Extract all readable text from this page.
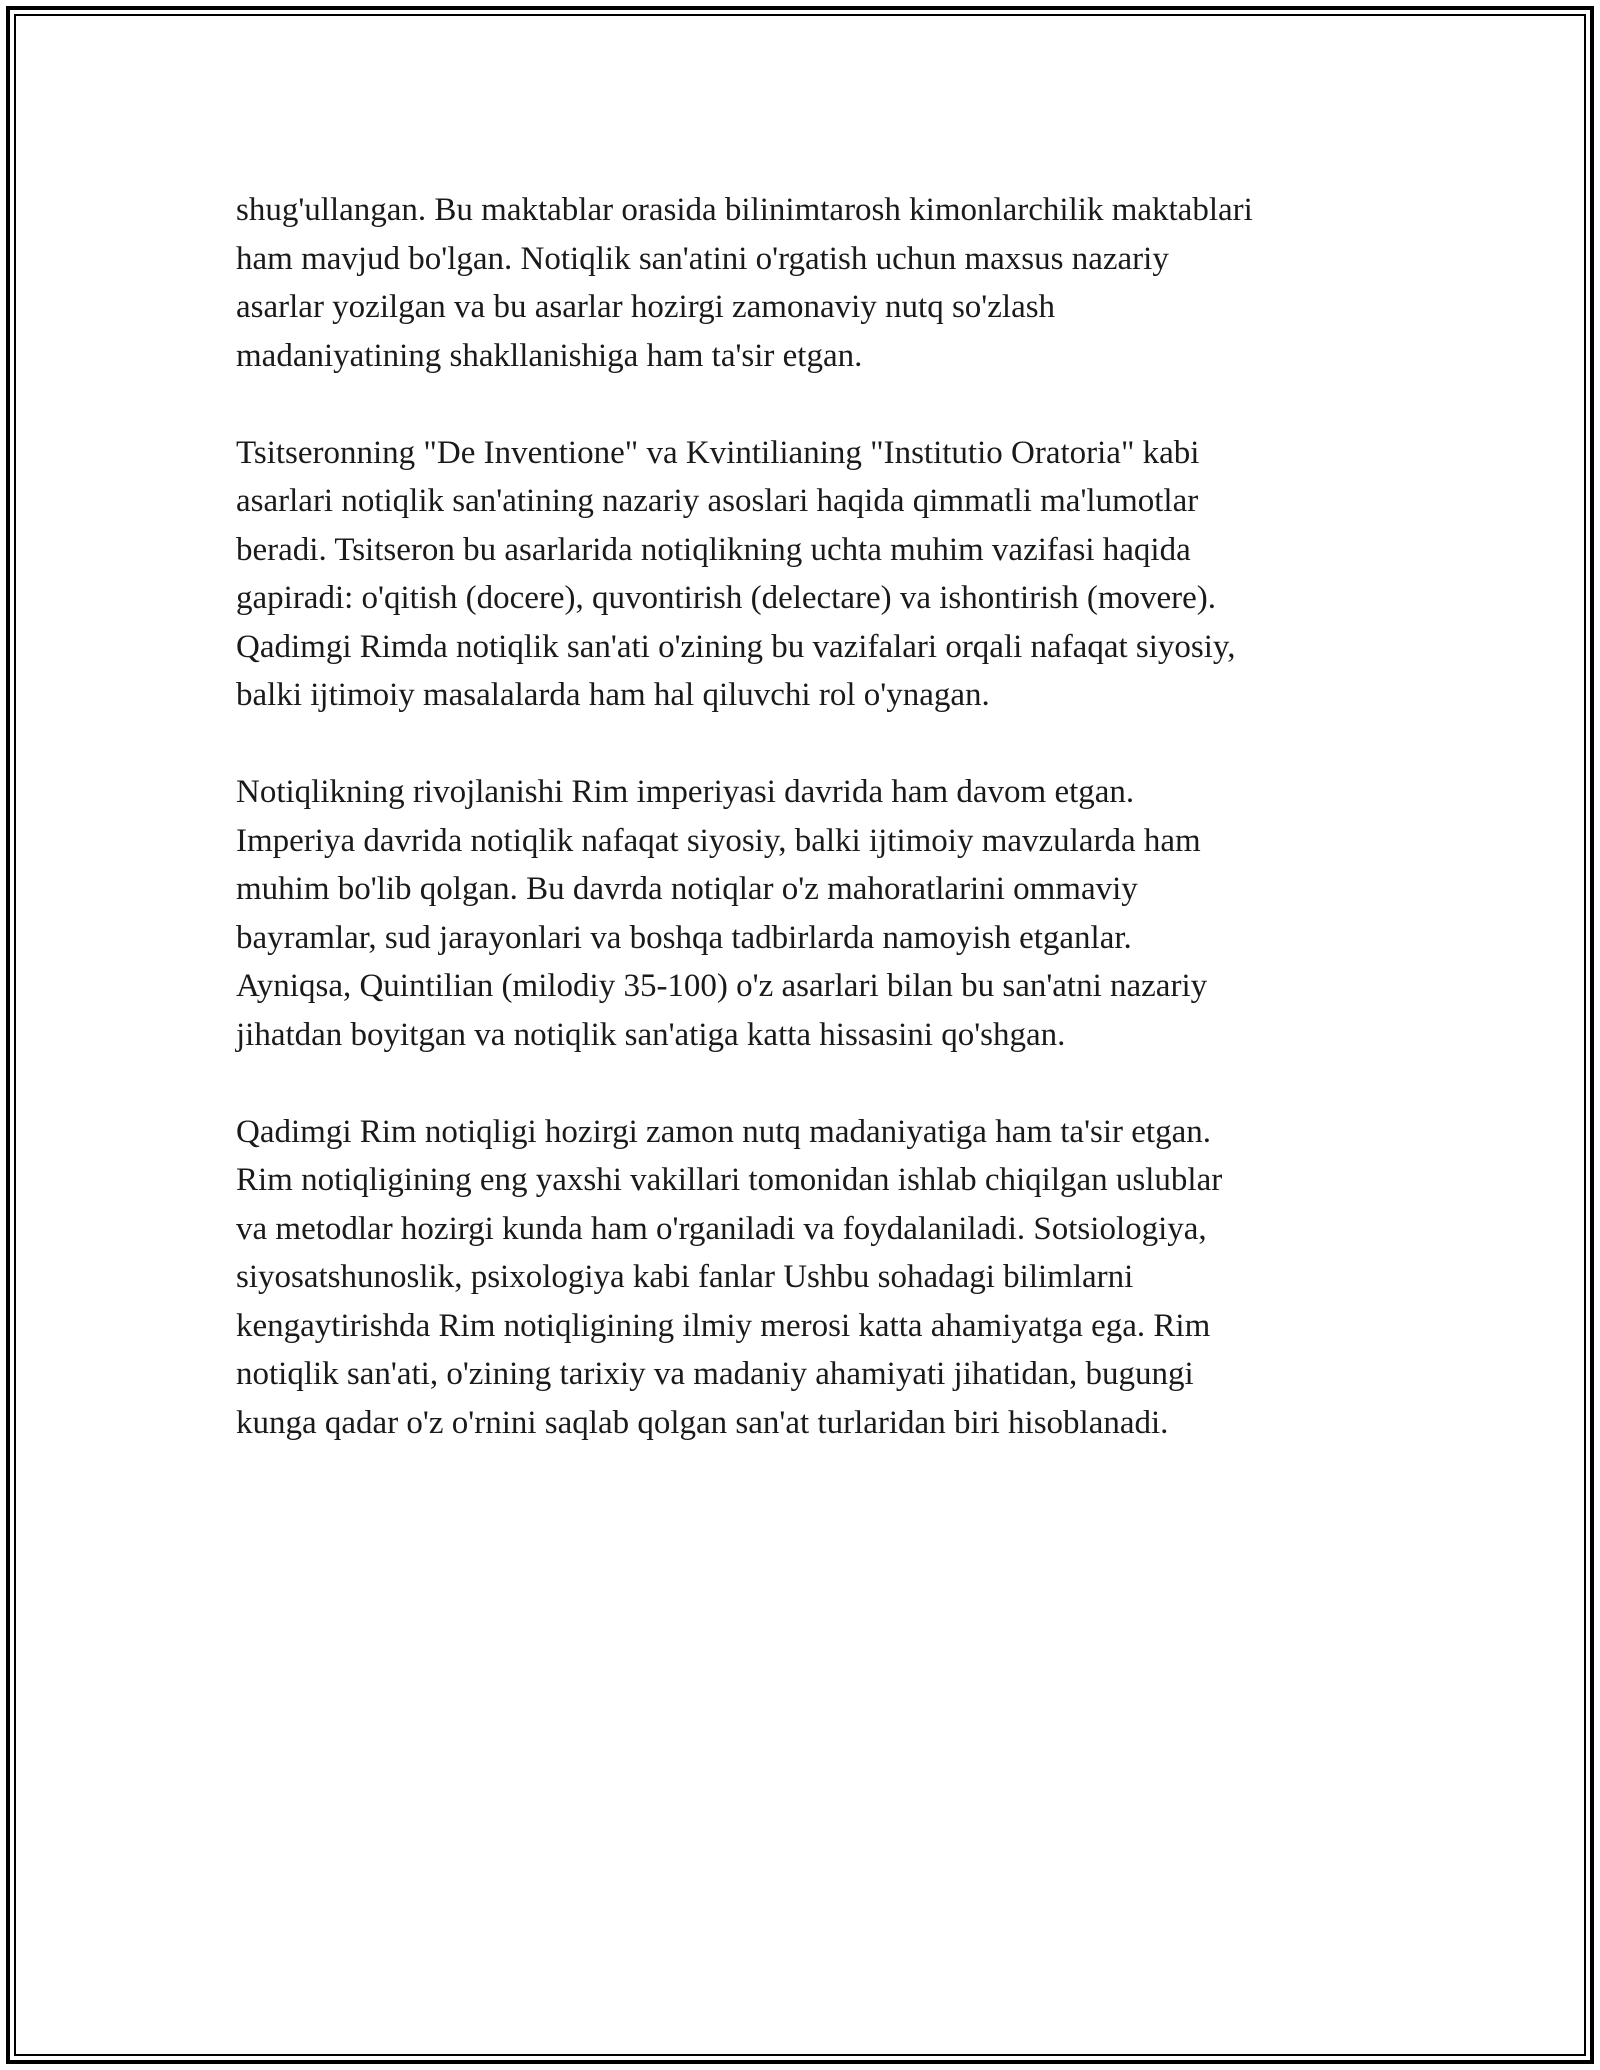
shug'ullangan. Bu maktablar orasida bilinimtarosh kimonlarchilik maktablari
ham mavjud bo'lgan. Notiqlik san'atini o'rgatish uchun maxsus nazariy
asarlar yozilgan va bu asarlar hozirgi zamonaviy nutq so'zlash
madaniyatining shakllanishiga ham ta'sir etgan.

Tsitseronning "De Inventione" va Kvintilianing "Institutio Oratoria" kabi
asarlari notiqlik san'atining nazariy asoslari haqida qimmatli ma'lumotlar
beradi. Tsitseron bu asarlarida notiqlikning uchta muhim vazifasi haqida
gapiradi: o'qitish (docere), quvontirish (delectare) va ishontirish (movere).
Qadimgi Rimda notiqlik san'ati o'zining bu vazifalari orqali nafaqat siyosiy,
balki ijtimoiy masalalarda ham hal qiluvchi rol o'ynagan.

Notiqlikning rivojlanishi Rim imperiyasi davrida ham davom etgan.
Imperiya davrida notiqlik nafaqat siyosiy, balki ijtimoiy mavzularda ham
muhim bo'lib qolgan. Bu davrda notiqlar o'z mahoratlarini ommaviy
bayramlar, sud jarayonlari va boshqa tadbirlarda namoyish etganlar.
Ayniqsa, Quintilian (milodiy 35-100) o'z asarlari bilan bu san'atni nazariy
jihatdan boyitgan va notiqlik san'atiga katta hissasini qo'shgan.

Qadimgi Rim notiqligi hozirgi zamon nutq madaniyatiga ham ta'sir etgan.
Rim notiqligining eng yaxshi vakillari tomonidan ishlab chiqilgan uslublar
va metodlar hozirgi kunda ham o'rganiladi va foydalaniladi. Sotsiologiya,
siyosatshunoslik, psixologiya kabi fanlar Ushbu sohadagi bilimlarni
kengaytirishda Rim notiqligining ilmiy merosi katta ahamiyatga ega. Rim
notiqlik san'ati, o'zining tarixiy va madaniy ahamiyati jihatidan, bugungi
kunga qadar o'z o'rnini saqlab qolgan san'at turlaridan biri hisoblanadi.
